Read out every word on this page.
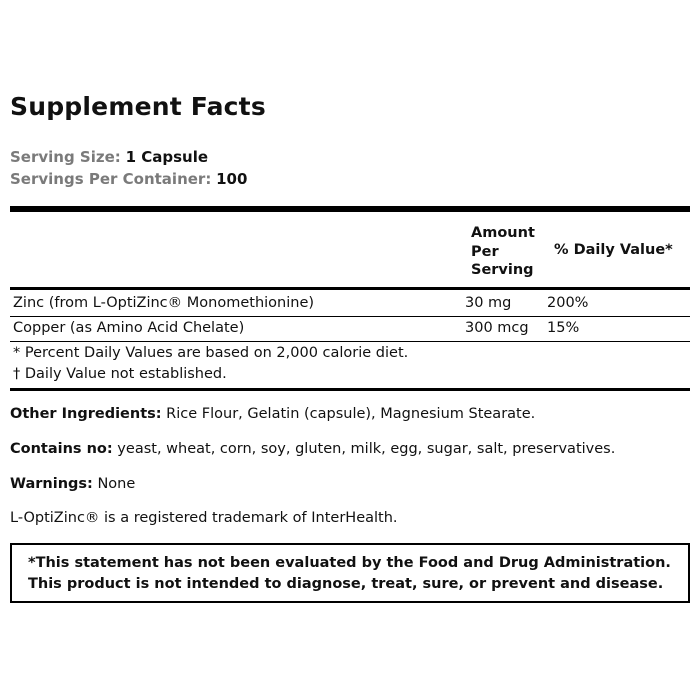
Supplement Facts
Serving Size: 1 Capsule
Servings Per Container: 100
Amount
Per
Serving
% Daily Value*
Zinc (from L-OptiZinc® Monomethionine)	30 mg 200%
Copper (as Amino Acid Chelate)	300 mcg 15%
* Percent Daily Values are based on 2,000 calorie diet.
† Daily Value not established.
Other Ingredients: Rice Flour, Gelatin (capsule), Magnesium Stearate.
Contains no: yeast, wheat, corn, soy, gluten, milk, egg, sugar, salt, preservatives.
Warnings: None
L-OptiZinc® is a registered trademark of InterHealth.
*This statement has not been evaluated by the Food and Drug Administration.
This product is not intended to diagnose, treat, sure, or prevent and disease.
